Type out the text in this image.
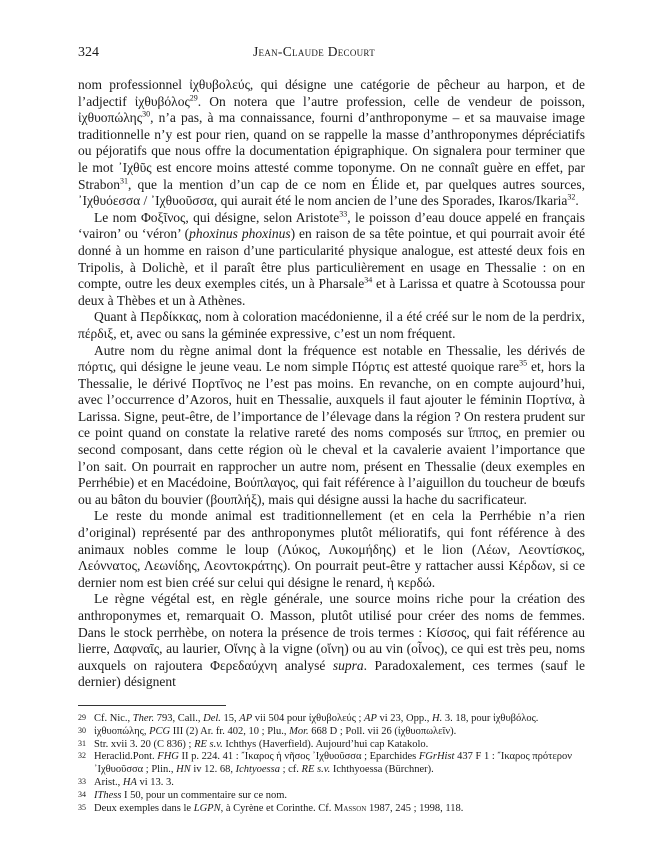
324	Jean-Claude Decourt

nom professionnel ἰχθυβολεύς, qui désigne une catégorie de pêcheur au harpon, et de l’adjectif ἰχθυβόλος$^{29}$. On notera que l’autre profession, celle de vendeur de poisson, ἰχθυοπώλης$^{30}$, n’a pas, à ma connaissance, fourni d’anthroponyme – et sa mauvaise image traditionnelle n’y est pour rien, quand on se rappelle la masse d’anthroponymes dépréciatifs ou péjoratifs que nous offre la documentation épigraphique. On signalera pour terminer que le mot ᾿Ιχθῦς est encore moins attesté comme toponyme. On ne connaît guère en effet, par Strabon$^{31}$, que la mention d’un cap de ce nom en Élide et, par quelques autres sources, ᾿Ιχθυόεσσα / ᾿Ιχθυοῦσσα, qui aurait été le nom ancien de l’une des Sporades, Ikaros/Ikaria$^{32}$.

Le nom Φοξῖνος, qui désigne, selon Aristote$^{33}$, le poisson d’eau douce appelé en français ‘vairon’ ou ‘véron’ (phoxinus phoxinus) en raison de sa tête pointue, et qui pourrait avoir été donné à un homme en raison d’une particularité physique analogue, est attesté deux fois en Tripolis, à Dolichè, et il paraît être plus particulièrement en usage en Thessalie : on en compte, outre les deux exemples cités, un à Pharsale$^{34}$ et à Larissa et quatre à Scotoussa pour deux à Thèbes et un à Athènes.

Quant à Περδίκκας, nom à coloration macédonienne, il a été créé sur le nom de la perdrix, πέρδιξ, et, avec ou sans la géminée expressive, c’est un nom fréquent.

Autre nom du règne animal dont la fréquence est notable en Thessalie, les dérivés de πόρτις, qui désigne le jeune veau. Le nom simple Πόρτις est attesté quoique rare$^{35}$ et, hors la Thessalie, le dérivé Πορτῖνος ne l’est pas moins. En revanche, on en compte aujourd’hui, avec l’occurrence d’Azoros, huit en Thessalie, auxquels il faut ajouter le féminin Πορτίνα, à Larissa. Signe, peut-être, de l’importance de l’élevage dans la région ? On restera prudent sur ce point quand on constate la relative rareté des noms composés sur ἵππος, en premier ou second composant, dans cette région où le cheval et la cavalerie avaient l’importance que l’on sait. On pourrait en rapprocher un autre nom, présent en Thessalie (deux exemples en Perrhébie) et en Macédoine, Βούπλαγος, qui fait référence à l’aiguillon du toucheur de bœufs ou au bâton du bouvier (βουπλήξ), mais qui désigne aussi la hache du sacrificateur.

Le reste du monde animal est traditionnellement (et en cela la Perrhébie n’a rien d’original) représenté par des anthroponymes plutôt mélioratifs, qui font référence à des animaux nobles comme le loup (Λύκος, Λυκομήδης) et le lion (Λέων, Λεοντίσκος, Λεόννατος, Λεωνίδης, Λεοντοκράτης). On pourrait peut-être y rattacher aussi Κέρδων, si ce dernier nom est bien créé sur celui qui désigne le renard, ἡ κερδώ.

Le règne végétal est, en règle générale, une source moins riche pour la création des anthroponymes et, remarquait O. Masson, plutôt utilisé pour créer des noms de femmes. Dans le stock perrhèbe, on notera la présence de trois termes : Κίσσος, qui fait référence au lierre, Δαφναῖς, au laurier, Οἴνης à la vigne (οἴνη) ou au vin (οἶνος), ce qui est très peu, noms auxquels on rajoutera Φερεδαύχνη analysé supra. Paradoxalement, ces termes (sauf le dernier) désignent

29 Cf. Nic., Ther. 793, Call., Del. 15, AP vii 504 pour ἰχθυβολεύς ; AP vi 23, Opp., H. 3. 18, pour ἰχθυβόλος.
30 ἰχθυοπώλης, PCG III (2) Ar. fr. 402, 10 ; Plu., Mor. 668 D ; Poll. vii 26 (ἰχθυοπωλεῖν).
31 Str. xvii 3. 20 (C 836) ; RE s.v. Ichthys (Haverfield). Aujourd’hui cap Katakolo.
32 Heraclid.Pont. FHG II p. 224. 41 : ῎Ικαρος ἡ νῆσος ᾿Ιχθυοῦσσα ; Eparchides FGrHist 437 F 1 : ῎Ικαρος πρότερον ᾿Ιχθυοῦσσα ; Plin., HN iv 12. 68, Ichtyoessa ; cf. RE s.v. Ichthyoessa (Bürchner).
33 Arist., HA vi 13. 3.
34 IThess I 50, pour un commentaire sur ce nom.
35 Deux exemples dans le LGPN, à Cyrène et Corinthe. Cf. Masson 1987, 245 ; 1998, 118.
